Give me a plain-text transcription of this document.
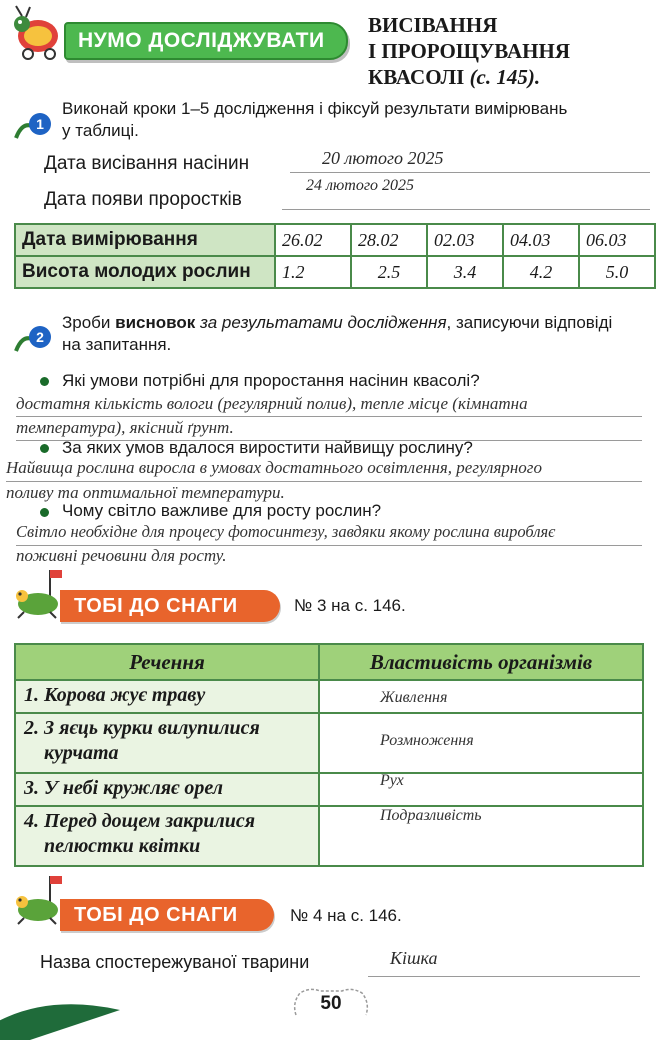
НУМО ДОСЛІДЖУВАТИ
ВИСІВАННЯ
І ПРОРОЩУВАННЯ
КВАСОЛІ (с. 145).
1
Виконай кроки 1–5 дослідження і фіксуй результати вимірювань
у таблиці.
Дата висівання насінин	20 лютого 2025
Дата появи проростків
24 лютого 2025
Дата вимірювання	26.02	28.02	02.03	04.03	06.03
Висота молодих рослин	1.2	2.5	3.4	4.2	5.0
2
Зроби висновок за результатами дослідження, записуючи відповіді
на запитання.
Які умови потрібні для проростання насінин квасолі?
достатня кількість вологи (регулярний полив), тепле місце (кімнатна
температура), якісний ґрунт.
За яких умов вдалося виростити найвищу рослину?
Найвища рослина виросла в умовах достатнього освітлення, регулярного
поливу та оптимальної температури.
Чому світло важливе для росту рослин?
Світло необхідне для процесу фотосинтезу, завдяки якому рослина виробляє
поживні речовини для росту.
ТОБІ ДО СНАГИ	№ 3 на с. 146.
Речення	Властивість організмів

1. Корова жує траву	Живлення

2. З яєць курки вилупилися
курчата	Розмноження

3. У небі кружляє орел	Рух

4. Перед дощем закрилися
пелюстки квітки	Подразливість
ТОБІ ДО СНАГИ	№ 4 на с. 146.
Назва спостережуваної тварини	Кішка
50
